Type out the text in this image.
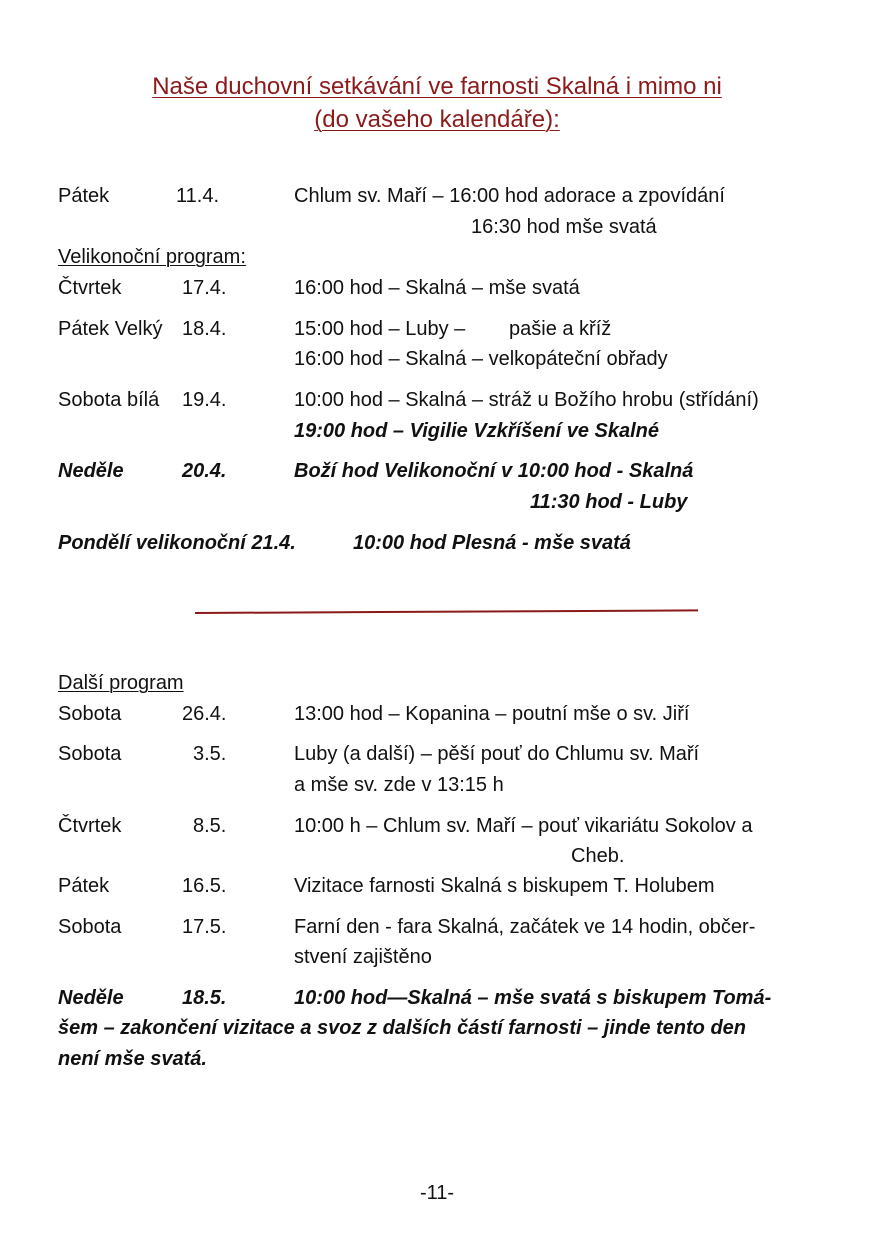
Naše duchovní setkávání ve farnosti Skalná i mimo ni
(do vašeho kalendáře):
Pátek	11.4.	Chlum sv. Maří – 16:00 hod adorace a zpovídání
16:30 hod mše svatá
Velikonoční program:
Čtvrtek	17.4.	16:00 hod – Skalná – mše svatá
Pátek Velký 18.4.	15:00 hod – Luby – pašie a kříž
16:00 hod – Skalná – velkopáteční obřady
Sobota bílá 19.4.	10:00 hod – Skalná – stráž u Božího hrobu (střídání)
19:00 hod – Vigilie Vzkříšení ve Skalné
Neděle	20.4.	Boží hod Velikonoční v 10:00 hod - Skalná
11:30 hod - Luby
Pondělí velikonoční 21.4.	10:00 hod Plesná - mše svatá
Další program
Sobota	26.4.	13:00 hod – Kopanina – poutní mše o sv. Jiří
Sobota	3.5.	Luby (a další) – pěší pouť do Chlumu sv. Maří
a mše sv. zde v 13:15 h
Čtvrtek	8.5.	10:00 h – Chlum sv. Maří – pouť vikariátu Sokolov a
Cheb.
Pátek	16.5.	Vizitace farnosti Skalná s biskupem T. Holubem
Sobota	17.5.	Farní den - fara Skalná, začátek ve 14 hodin, občer-
stvení zajištěno
Neděle	18.5.	10:00 hod—Skalná – mše svatá s biskupem Tomá-
šem – zakončení vizitace a svoz z dalších částí farnosti – jinde tento den
není mše svatá.
-11-
